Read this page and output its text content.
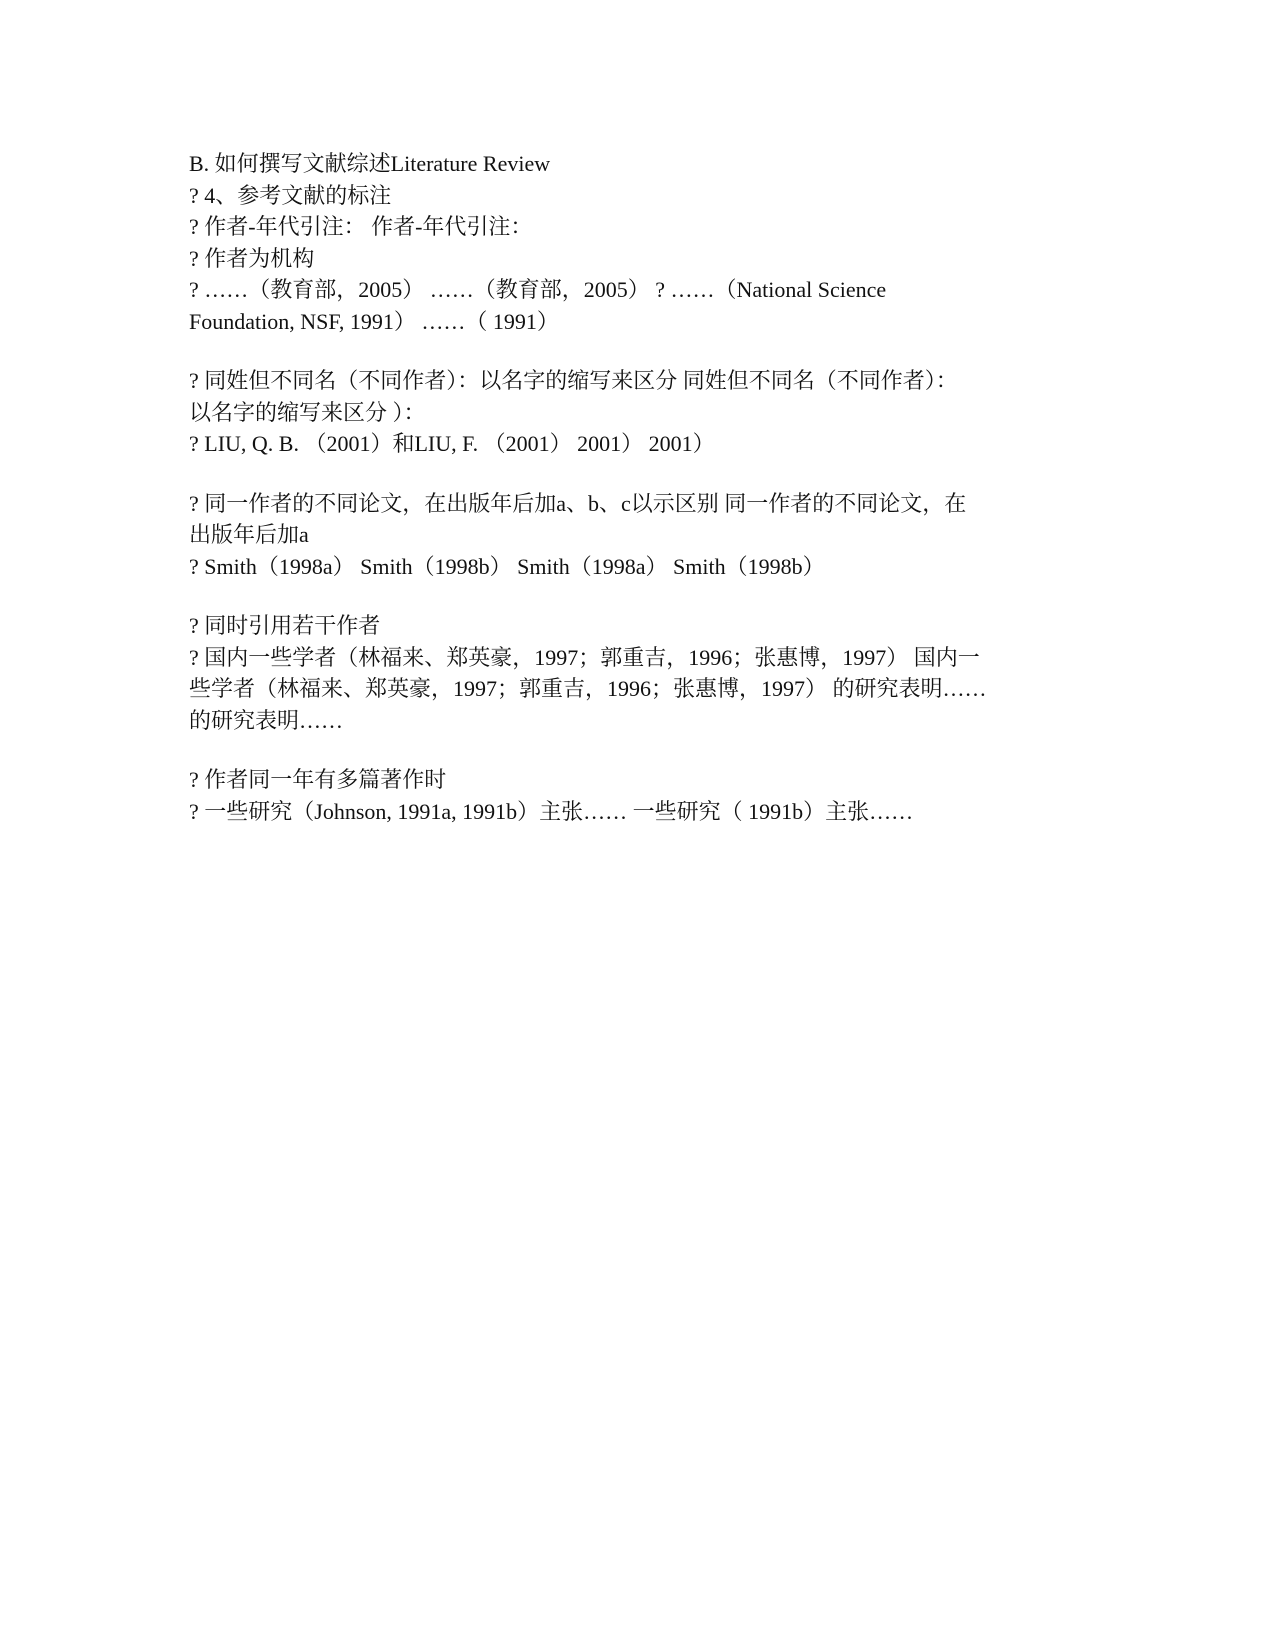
B. 如何撰写文献综述Literature Review
? 4、参考文献的标注
? 作者-年代引注： 作者-年代引注：
? 作者为机构
? ……（教育部，2005） ……（教育部，2005） ? ……（National Science
Foundation, NSF, 1991） ……（ 1991）
? 同姓但不同名（不同作者）：以名字的缩写来区分 同姓但不同名（不同作者）：
以名字的缩写来区分 ）：
? LIU, Q. B. （2001）和LIU, F. （2001） 2001） 2001）
? 同一作者的不同论文，在出版年后加a、b、c以示区别 同一作者的不同论文，在
出版年后加a
? Smith（1998a） Smith（1998b） Smith（1998a） Smith（1998b）
? 同时引用若干作者
? 国内一些学者（林福来、郑英豪，1997；郭重吉，1996；张惠博，1997） 国内一
些学者（林福来、郑英豪，1997；郭重吉，1996；张惠博，1997） 的研究表明……
的研究表明……
? 作者同一年有多篇著作时
? 一些研究（Johnson, 1991a, 1991b）主张…… 一些研究（ 1991b）主张……
